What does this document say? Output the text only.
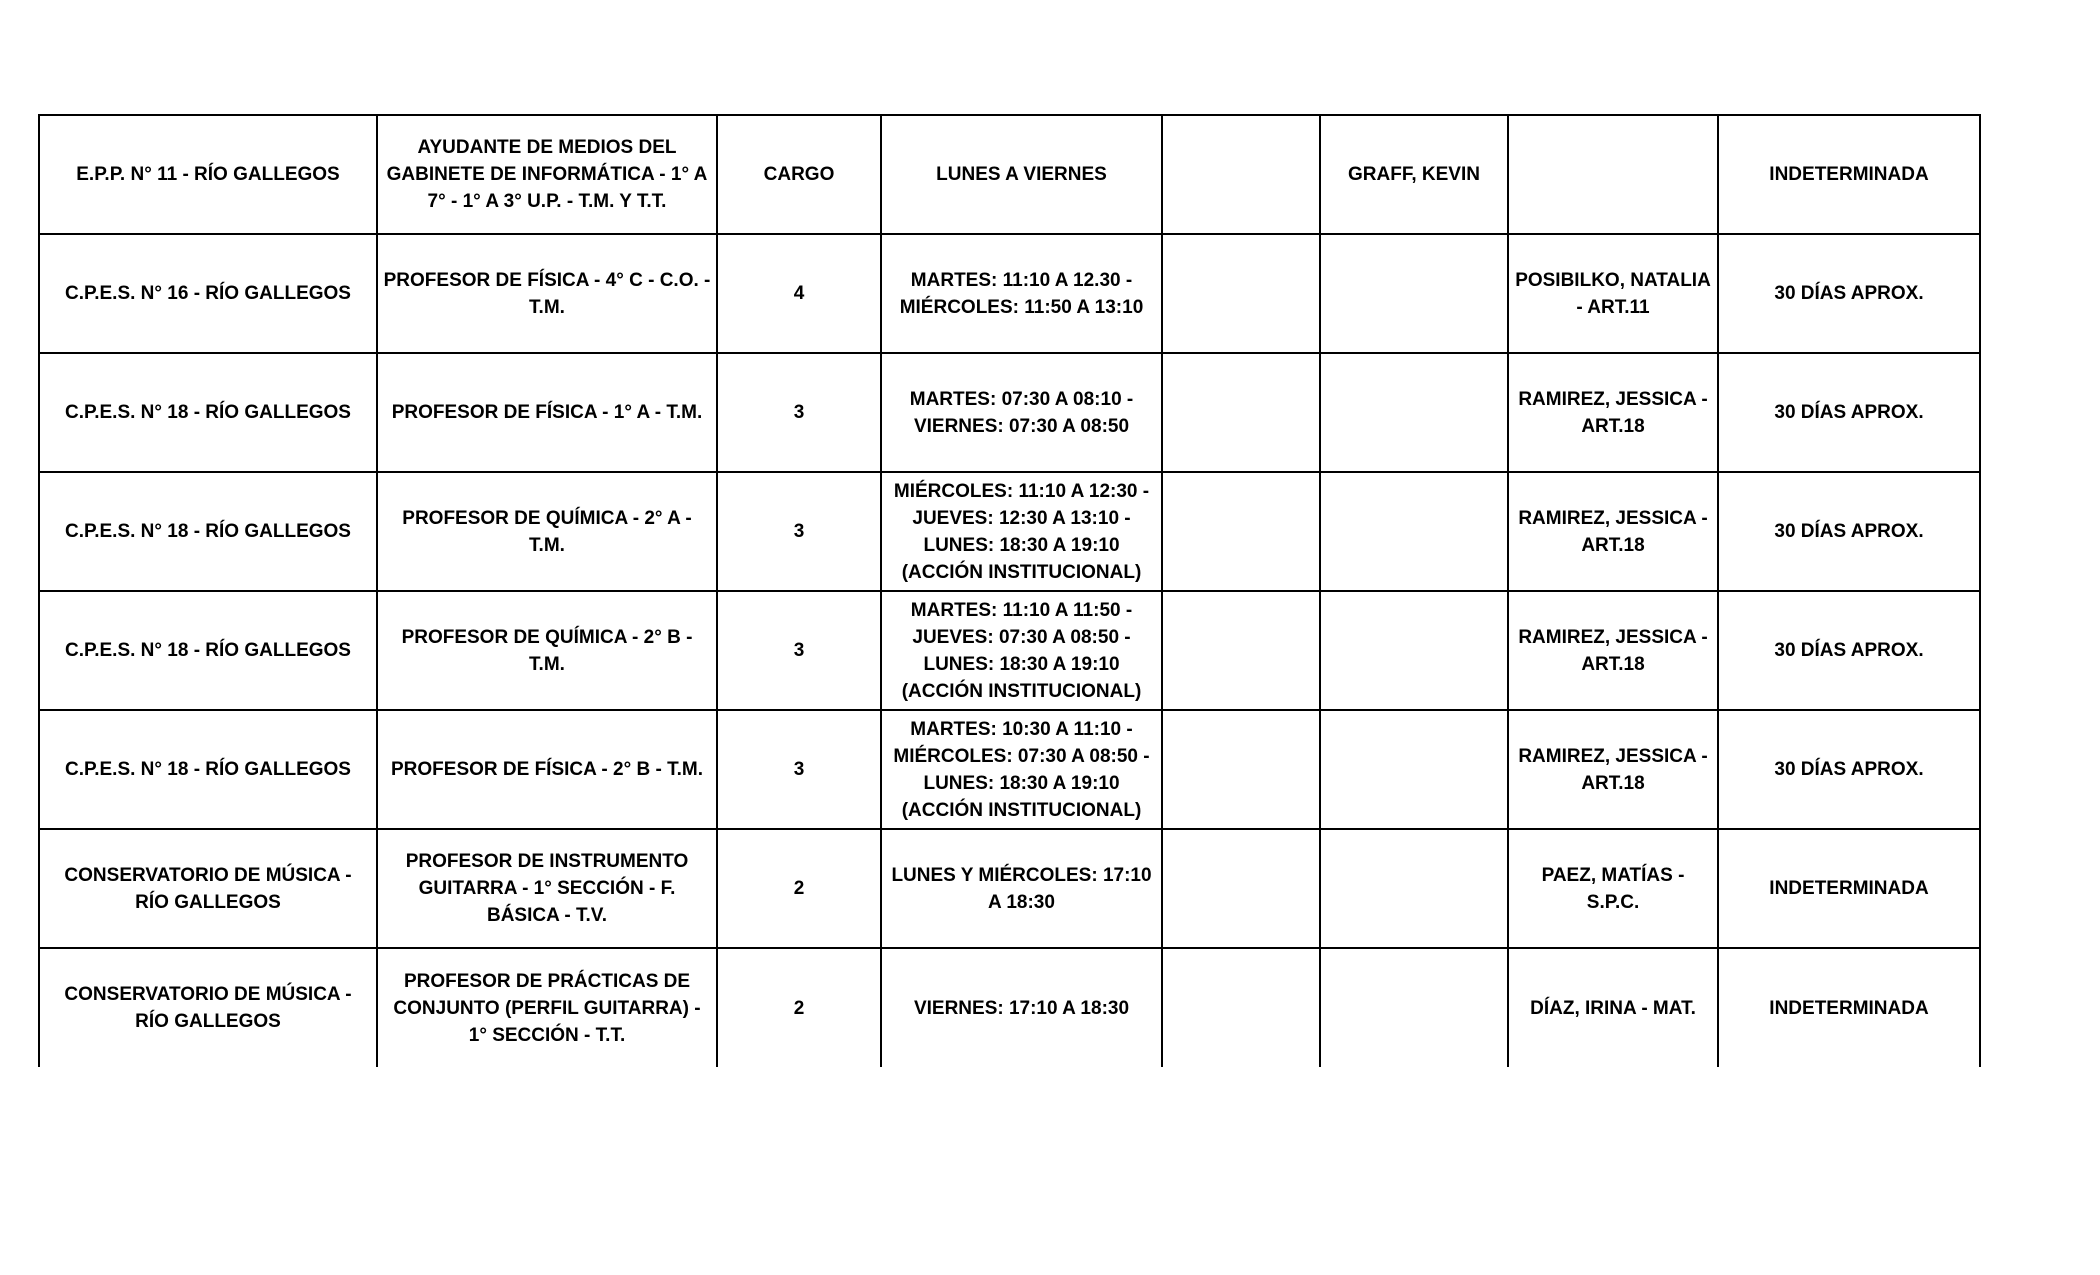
E.P.P. N° 11 - RÍO GALLEGOS	AYUDANTE DE MEDIOS DEL GABINETE DE INFORMÁTICA - 1° A 7° - 1° A 3° U.P. - T.M. Y T.T.	CARGO	LUNES A VIERNES		GRAFF, KEVIN		INDETERMINADA
C.P.E.S. N° 16 - RÍO GALLEGOS	PROFESOR DE FÍSICA - 4° C - C.O. - T.M.	4	MARTES: 11:10 A 12.30 - MIÉRCOLES: 11:50 A 13:10			POSIBILKO, NATALIA - ART.11	30 DÍAS APROX.
C.P.E.S. N° 18 - RÍO GALLEGOS	PROFESOR DE FÍSICA - 1° A - T.M.	3	MARTES: 07:30 A 08:10 - VIERNES: 07:30 A 08:50			RAMIREZ, JESSICA - ART.18	30 DÍAS APROX.
C.P.E.S. N° 18 - RÍO GALLEGOS	PROFESOR DE QUÍMICA - 2° A - T.M.	3	MIÉRCOLES: 11:10 A 12:30 - JUEVES: 12:30 A 13:10 - LUNES: 18:30 A 19:10 (ACCIÓN INSTITUCIONAL)			RAMIREZ, JESSICA - ART.18	30 DÍAS APROX.
C.P.E.S. N° 18 - RÍO GALLEGOS	PROFESOR DE QUÍMICA - 2° B - T.M.	3	MARTES: 11:10 A 11:50 - JUEVES: 07:30 A 08:50 - LUNES: 18:30 A 19:10 (ACCIÓN INSTITUCIONAL)			RAMIREZ, JESSICA - ART.18	30 DÍAS APROX.
C.P.E.S. N° 18 - RÍO GALLEGOS	PROFESOR DE FÍSICA - 2° B - T.M.	3	MARTES: 10:30 A 11:10 - MIÉRCOLES: 07:30 A 08:50 - LUNES: 18:30 A 19:10 (ACCIÓN INSTITUCIONAL)			RAMIREZ, JESSICA - ART.18	30 DÍAS APROX.
CONSERVATORIO DE MÚSICA - RÍO GALLEGOS	PROFESOR DE INSTRUMENTO GUITARRA - 1° SECCIÓN - F. BÁSICA - T.V.	2	LUNES Y MIÉRCOLES: 17:10 A 18:30			PAEZ, MATÍAS - S.P.C.	INDETERMINADA
CONSERVATORIO DE MÚSICA - RÍO GALLEGOS	PROFESOR DE PRÁCTICAS DE CONJUNTO (PERFIL GUITARRA) - 1° SECCIÓN - T.T.	2	VIERNES: 17:10 A 18:30			DÍAZ, IRINA - MAT.	INDETERMINADA
